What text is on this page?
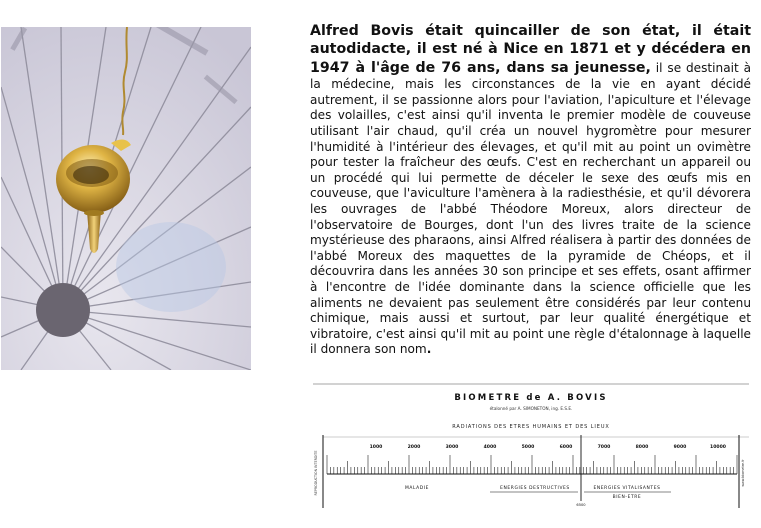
Alfred Bovis était quincailler de son état, il était autodidacte, il est né à Nice en 1871 et y décédera en 1947 à l'âge de 76 ans, dans sa jeunesse, il se destinait à la médecine, mais les circonstances de la vie en ayant décidé autrement, il se passionne alors pour l'aviation, l'apiculture et l'élevage des volailles, c'est ainsi qu'il inventa le premier modèle de couveuse utilisant l'air chaud, qu'il créa un nouvel hygromètre pour mesurer l'humidité à l'intérieur des élevages, et qu'il mit au point un ovimètre pour tester la fraîcheur des œufs. C'est en recherchant un appareil ou un procédé qui lui permette de déceler le sexe des œufs mis en couveuse, que l'aviculture l'amènera à la radiesthésie, et qu'il dévorera les ouvrages de l'abbé Théodore Moreux, alors directeur de l'observatoire de Bourges, dont l'un des livres traite de la science mystérieuse des pharaons, ainsi Alfred réalisera à partir des données de l'abbé Moreux des maquettes de la pyramide de Chéops, et il découvrira dans les années 30 son principe et ses effets, osant affirmer à l'encontre de l'idée dominante dans la science officielle que les aliments ne devaient pas seulement être considérés par leur contenu chimique, mais aussi et surtout, par leur qualité énergétique et vibratoire, c'est ainsi qu'il mit au point une règle d'étalonnage à laquelle il donnera son nom.
BIOMETRE de A. BOVIS
étalonné par A. SIMONETON, ing. E.S.E.
RADIATIONS DES ETRES HUMAINS ET DES LIEUX
REPRODUCTION INTERDITE	www.biometre.fr
1000	2000	3000	4000	5000	6000	7000	8000	9000	10000
6500
MALADIE	ENERGIES DESTRUCTIVES	ENERGIES VITALISANTES
BIEN-ETRE
